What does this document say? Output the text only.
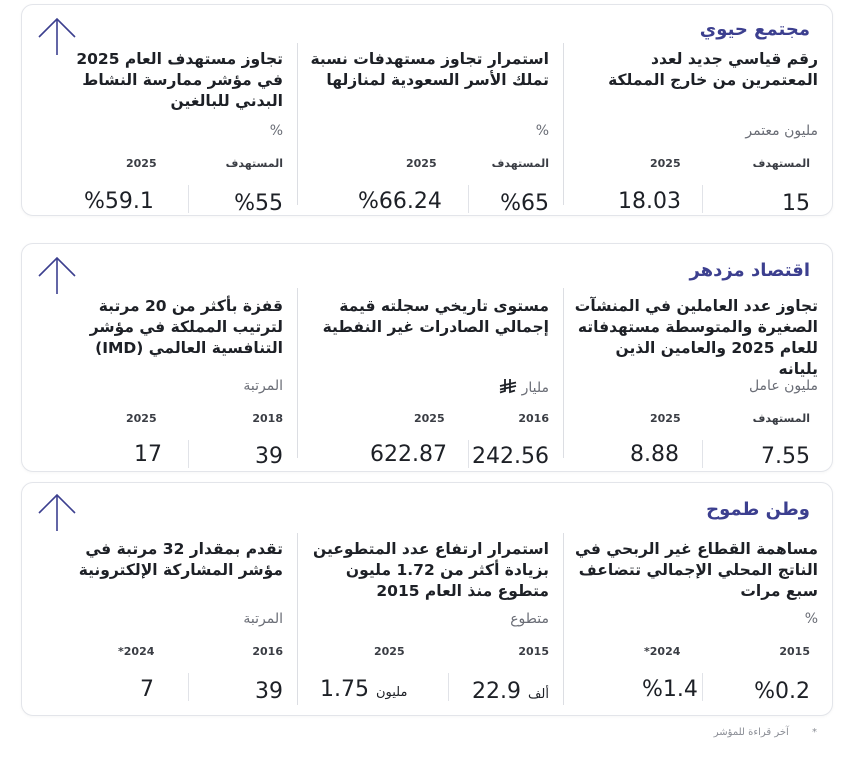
مجتمع حيوي
رقم قياسي جديد لعدد المعتمرين من خارج المملكة
مليون معتمر
المستهدف
2025
15
18.03
استمرار تجاوز مستهدفات نسبة تملك الأسر السعودية لمنازلها
%
المستهدف
2025
%65
%66.24
تجاوز مستهدف العام 2025 في مؤشر ممارسة النشاط البدني للبالغين
%
المستهدف
2025
%55
%59.1
اقتصاد مزدهر
تجاوز عدد العاملين في المنشآت الصغيرة والمتوسطة مستهدفاته للعام 2025 والعامين الذين يليانه
مليون عامل
المستهدف
2025
7.55
8.88
مستوى تاريخي سجلته قيمة إجمالي الصادرات غير النفطية
مليار
2016
2025
242.56
622.87
قفزة بأكثر من 20 مرتبة لترتيب المملكة في مؤشر التنافسية العالمي (IMD)
المرتبة
2018
2025
39
17
وطن طموح
مساهمة القطاع غير الربحي في الناتج المحلي الإجمالي تتضاعف سبع مرات
%
2015
2024*
%0.2
%1.4
استمرار ارتفاع عدد المتطوعين بزيادة أكثر من 1.72 مليون متطوع منذ العام 2015
متطوع
2015
2025
ألف 22.9
مليون 1.75
تقدم بمقدار 32 مرتبة في مؤشر المشاركة الإلكترونية
المرتبة
2016
2024*
39
7
* آخر قراءة للمؤشر
